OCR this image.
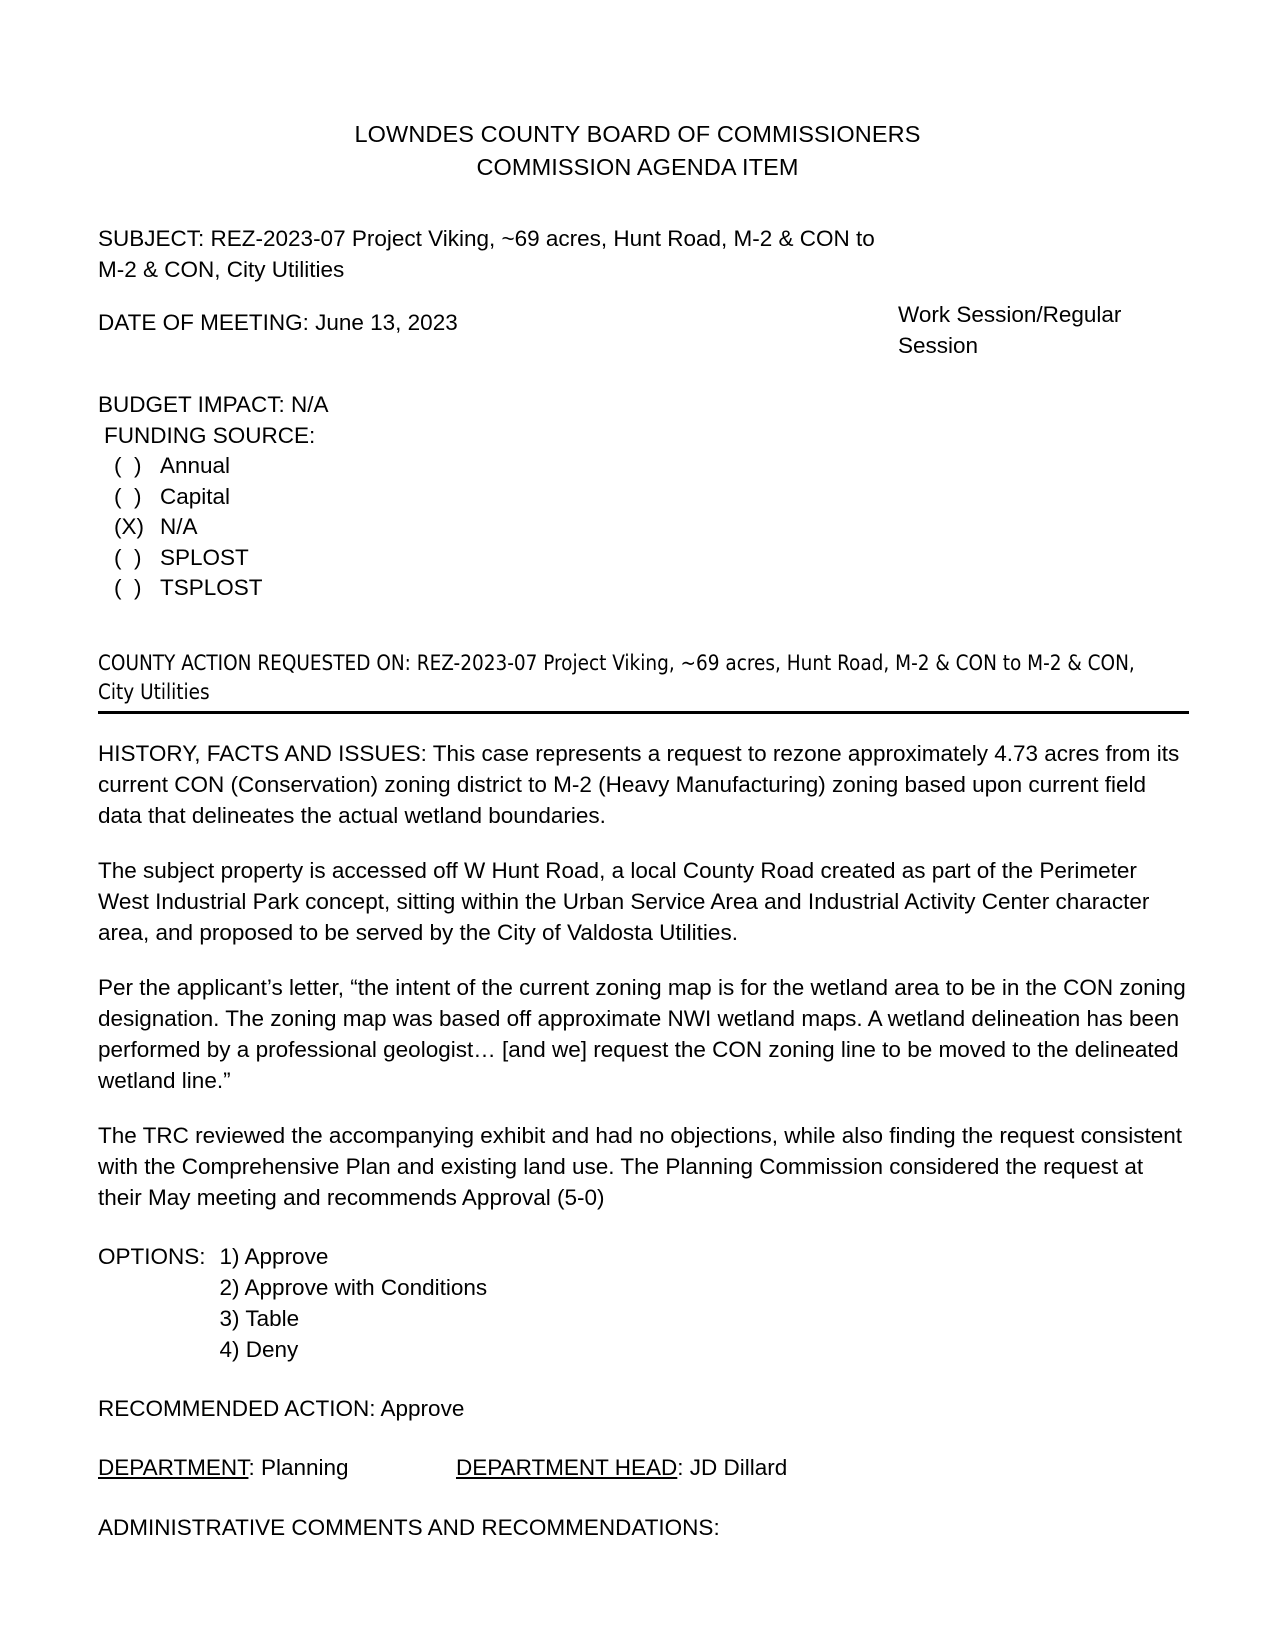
LOWNDES COUNTY BOARD OF COMMISSIONERS
COMMISSION AGENDA ITEM
SUBJECT: REZ-2023-07 Project Viking, ~69 acres, Hunt Road, M-2 & CON to M-2 & CON, City Utilities
DATE OF MEETING: June 13, 2023	Work Session/Regular Session
BUDGET IMPACT: N/A
FUNDING SOURCE:
(  ) Annual
(  ) Capital
(X) N/A
(  ) SPLOST
(  ) TSPLOST
COUNTY ACTION REQUESTED ON: REZ-2023-07 Project Viking, ~69 acres, Hunt Road, M-2 & CON to M-2 & CON, City Utilities
HISTORY, FACTS AND ISSUES: This case represents a request to rezone approximately 4.73 acres from its current CON (Conservation) zoning district to M-2 (Heavy Manufacturing) zoning based upon current field data that delineates the actual wetland boundaries.
The subject property is accessed off W Hunt Road, a local County Road created as part of the Perimeter West Industrial Park concept, sitting within the Urban Service Area and Industrial Activity Center character area, and proposed to be served by the City of Valdosta Utilities.
Per the applicant’s letter, “the intent of the current zoning map is for the wetland area to be in the CON zoning designation. The zoning map was based off approximate NWI wetland maps. A wetland delineation has been performed by a professional geologist… [and we] request the CON zoning line to be moved to the delineated wetland line.”
The TRC reviewed the accompanying exhibit and had no objections, while also finding the request consistent with the Comprehensive Plan and existing land use. The Planning Commission considered the request at their May meeting and recommends Approval (5-0)
OPTIONS: 1) Approve
2) Approve with Conditions
3) Table
4) Deny
RECOMMENDED ACTION: Approve
DEPARTMENT: Planning	DEPARTMENT HEAD: JD Dillard
ADMINISTRATIVE COMMENTS AND RECOMMENDATIONS:
